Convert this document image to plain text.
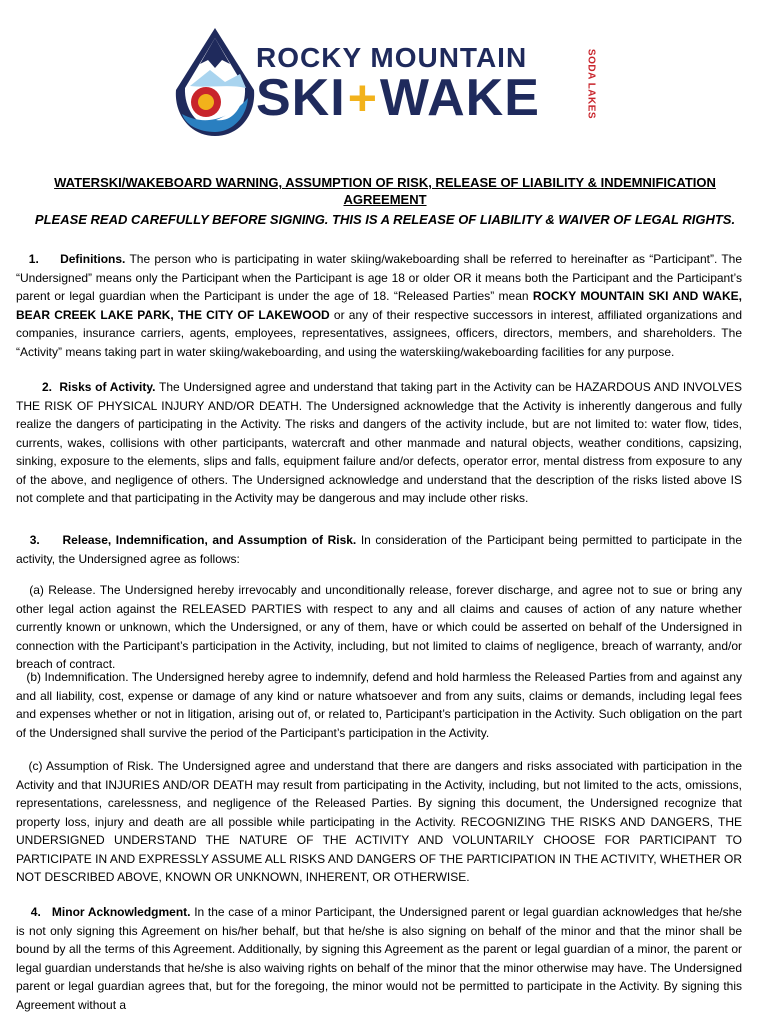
ROCKY MOUNTAIN
SKI+WAKE	SODA LAKES
WATERSKI/WAKEBOARD WARNING, ASSUMPTION OF RISK, RELEASE OF LIABILITY & INDEMNIFICATION AGREEMENT
PLEASE READ CAREFULLY BEFORE SIGNING. THIS IS A RELEASE OF LIABILITY & WAIVER OF LEGAL RIGHTS.
1. Definitions. The person who is participating in water skiing/wakeboarding shall be referred to hereinafter as “Participant”. The “Undersigned” means only the Participant when the Participant is age 18 or older OR it means both the Participant and the Participant’s parent or legal guardian when the Participant is under the age of 18. “Released Parties” mean ROCKY MOUNTAIN SKI AND WAKE, BEAR CREEK LAKE PARK, THE CITY OF LAKEWOOD or any of their respective successors in interest, affiliated organizations and companies, insurance carriers, agents, employees, representatives, assignees, officers, directors, members, and shareholders. The “Activity” means taking part in water skiing/wakeboarding, and using the waterskiing/wakeboarding facilities for any purpose.
2. Risks of Activity. The Undersigned agree and understand that taking part in the Activity can be HAZARDOUS AND INVOLVES THE RISK OF PHYSICAL INJURY AND/OR DEATH. The Undersigned acknowledge that the Activity is inherently dangerous and fully realize the dangers of participating in the Activity. The risks and dangers of the activity include, but are not limited to: water flow, tides, currents, wakes, collisions with other participants, watercraft and other manmade and natural objects, weather conditions, capsizing, sinking, exposure to the elements, slips and falls, equipment failure and/or defects, operator error, mental distress from exposure to any of the above, and negligence of others. The Undersigned acknowledge and understand that the description of the risks listed above IS not complete and that participating in the Activity may be dangerous and may include other risks.
3. Release, Indemnification, and Assumption of Risk. In consideration of the Participant being permitted to participate in the activity, the Undersigned agree as follows:
(a) Release. The Undersigned hereby irrevocably and unconditionally release, forever discharge, and agree not to sue or bring any other legal action against the RELEASED PARTIES with respect to any and all claims and causes of action of any nature whether currently known or unknown, which the Undersigned, or any of them, have or which could be asserted on behalf of the Undersigned in connection with the Participant’s participation in the Activity, including, but not limited to claims of negligence, breach of warranty, and/or breach of contract.
(b) Indemnification. The Undersigned hereby agree to indemnify, defend and hold harmless the Released Parties from and against any and all liability, cost, expense or damage of any kind or nature whatsoever and from any suits, claims or demands, including legal fees and expenses whether or not in litigation, arising out of, or related to, Participant’s participation in the Activity. Such obligation on the part of the Undersigned shall survive the period of the Participant’s participation in the Activity.
(c) Assumption of Risk. The Undersigned agree and understand that there are dangers and risks associated with participation in the Activity and that INJURIES AND/OR DEATH may result from participating in the Activity, including, but not limited to the acts, omissions, representations, carelessness, and negligence of the Released Parties. By signing this document, the Undersigned recognize that property loss, injury and death are all possible while participating in the Activity. RECOGNIZING THE RISKS AND DANGERS, THE UNDERSIGNED UNDERSTAND THE NATURE OF THE ACTIVITY AND VOLUNTARILY CHOOSE FOR PARTICIPANT TO PARTICIPATE IN AND EXPRESSLY ASSUME ALL RISKS AND DANGERS OF THE PARTICIPATION IN THE ACTIVITY, WHETHER OR NOT DESCRIBED ABOVE, KNOWN OR UNKNOWN, INHERENT, OR OTHERWISE.
4. Minor Acknowledgment. In the case of a minor Participant, the Undersigned parent or legal guardian acknowledges that he/she is not only signing this Agreement on his/her behalf, but that he/she is also signing on behalf of the minor and that the minor shall be bound by all the terms of this Agreement. Additionally, by signing this Agreement as the parent or legal guardian of a minor, the parent or legal guardian understands that he/she is also waiving rights on behalf of the minor that the minor otherwise may have. The Undersigned parent or legal guardian agrees that, but for the foregoing, the minor would not be permitted to participate in the Activity. By signing this Agreement without a
